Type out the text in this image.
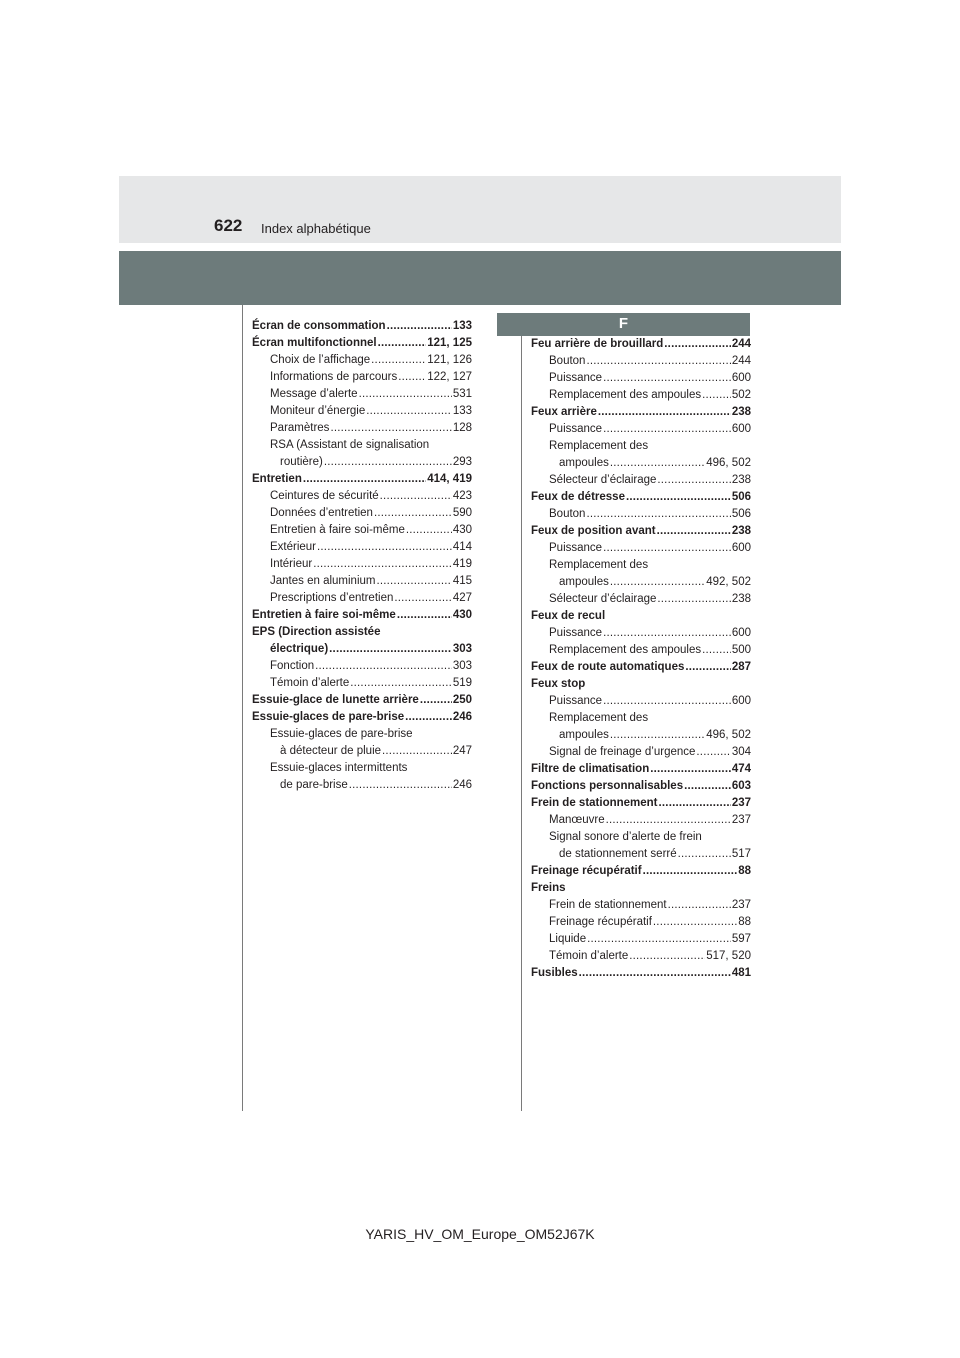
622 Index alphabétique
F
Écran de consommation . . .	133
Écran multifonctionnel . . .	121, 125
Choix de l’affichage . . .	121, 126
Informations de parcours . . .	122, 127
Message d’alerte . . .	531
Moniteur d’énergie . . .	133
Paramètres . . .	128
RSA (Assistant de signalisation
routière) . . .	293
Entretien . . .	414, 419
Ceintures de sécurité . . .	423
Données d’entretien . . .	590
Entretien à faire soi-même . . .	430
Extérieur . . .	414
Intérieur . . .	419
Jantes en aluminium . . .	415
Prescriptions d’entretien . . .	427
Entretien à faire soi-même . . .	430
EPS (Direction assistée
électrique) . . .	303
Fonction . . .	303
Témoin d’alerte . . .	519
Essuie-glace de lunette arrière . . .	250
Essuie-glaces de pare-brise . . .	246
Essuie-glaces de pare-brise
à détecteur de pluie . . .	247
Essuie-glaces intermittents
de pare-brise . . .	246
Feu arrière de brouillard . . .	244
Bouton . . .	244
Puissance . . .	600
Remplacement des ampoules . . .	502
Feux arrière . . .	238
Puissance . . .	600
Remplacement des
ampoules . . .	496, 502
Sélecteur d’éclairage . . .	238
Feux de détresse . . .	506
Bouton . . .	506
Feux de position avant . . .	238
Puissance . . .	600
Remplacement des
ampoules . . .	492, 502
Sélecteur d’éclairage . . .	238
Feux de recul
Puissance . . .	600
Remplacement des ampoules . . .	500
Feux de route automatiques . . .	287
Feux stop
Puissance . . .	600
Remplacement des
ampoules . . .	496, 502
Signal de freinage d’urgence . . .	304
Filtre de climatisation . . .	474
Fonctions personnalisables . . .	603
Frein de stationnement . . .	237
Manœuvre . . .	237
Signal sonore d’alerte de frein
de stationnement serré . . .	517
Freinage récupératif . . .	88
Freins
Frein de stationnement . . .	237
Freinage récupératif . . .	88
Liquide . . .	597
Témoin d’alerte . . .	517, 520
Fusibles . . .	481
YARIS_HV_OM_Europe_OM52J67K
